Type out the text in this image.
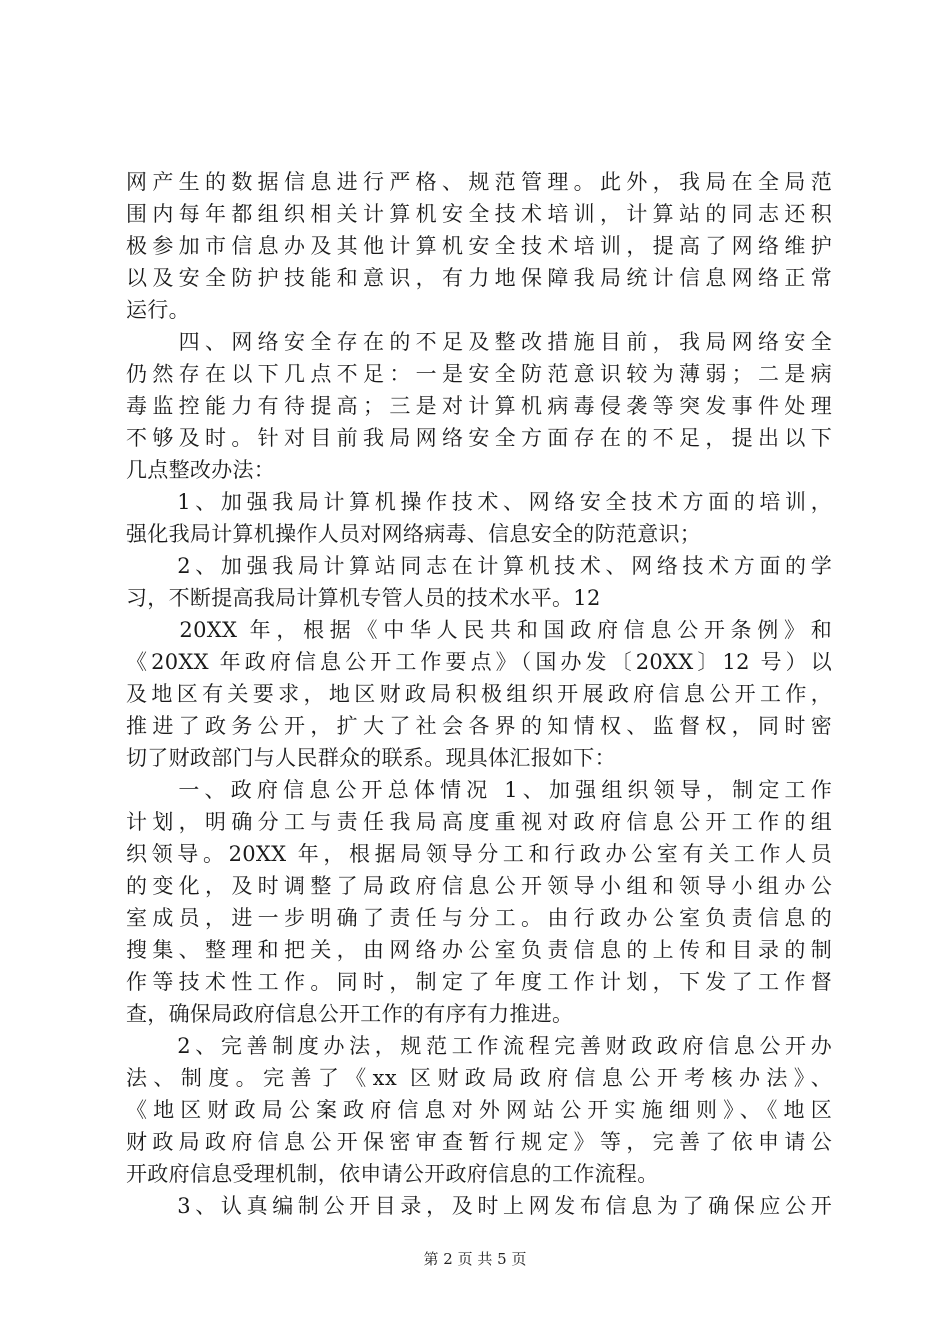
网产生的数据信息进行严格、规范管理。此外，我局在全局范
围内每年都组织相关计算机安全技术培训，计算站的同志还积
极参加市信息办及其他计算机安全技术培训，提高了网络维护
以及安全防护技能和意识，有力地保障我局统计信息网络正常
运行。
　　四、网络安全存在的不足及整改措施目前，我局网络安全
仍然存在以下几点不足：一是安全防范意识较为薄弱；二是病
毒监控能力有待提高；三是对计算机病毒侵袭等突发事件处理
不够及时。针对目前我局网络安全方面存在的不足，提出以下
几点整改办法：
　　1、加强我局计算机操作技术、网络安全技术方面的培训，
强化我局计算机操作人员对网络病毒、信息安全的防范意识；
　　2、加强我局计算站同志在计算机技术、网络技术方面的学
习，不断提高我局计算机专管人员的技术水平。12
　　20XX 年，根据《中华人民共和国政府信息公开条例》和
《20XX 年政府信息公开工作要点》（国办发〔20XX〕12 号）以
及地区有关要求，地区财政局积极组织开展政府信息公开工作，
推进了政务公开，扩大了社会各界的知情权、监督权，同时密
切了财政部门与人民群众的联系。现具体汇报如下：
　　一、政府信息公开总体情况 1、加强组织领导，制定工作
计划，明确分工与责任我局高度重视对政府信息公开工作的组
织领导。20XX 年，根据局领导分工和行政办公室有关工作人员
的变化，及时调整了局政府信息公开领导小组和领导小组办公
室成员，进一步明确了责任与分工。由行政办公室负责信息的
搜集、整理和把关，由网络办公室负责信息的上传和目录的制
作等技术性工作。同时，制定了年度工作计划，下发了工作督
查，确保局政府信息公开工作的有序有力推进。
　　2、完善制度办法，规范工作流程完善财政政府信息公开办
法、制度。完善了《xx 区财政局政府信息公开考核办法》、
《地区财政局公案政府信息对外网站公开实施细则》、《地区
财政局政府信息公开保密审查暂行规定》等，完善了依申请公
开政府信息受理机制，依申请公开政府信息的工作流程。
　　3、认真编制公开目录，及时上网发布信息为了确保应公开
第 2 页 共 5 页
